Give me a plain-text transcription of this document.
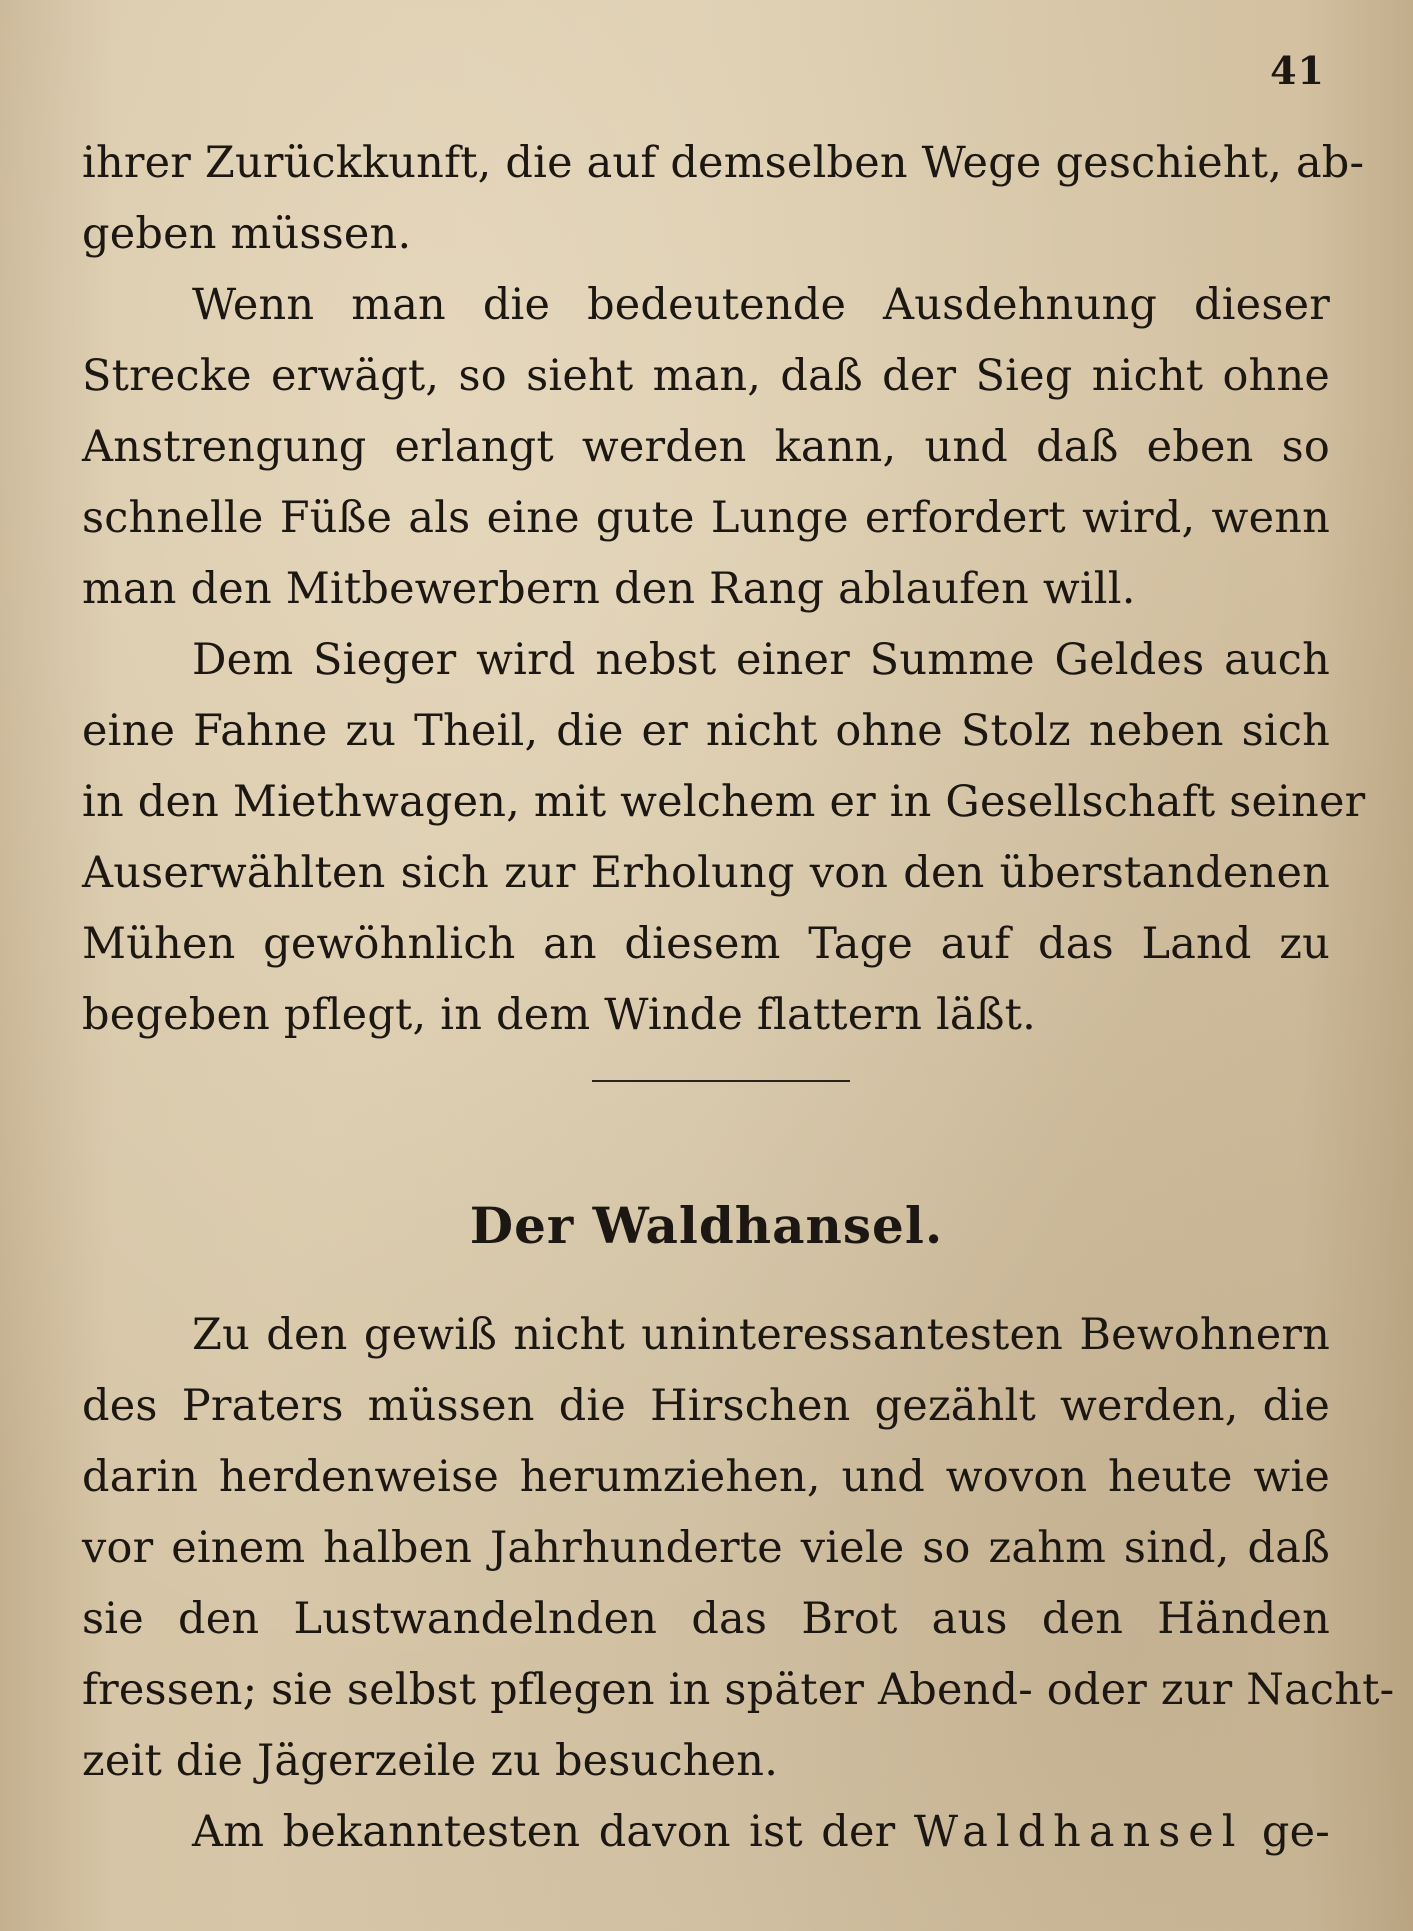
41
ihrer Zurückkunft, die auf demselben Wege geschieht, ab-
geben müssen.
Wenn man die bedeutende Ausdehnung dieser
Strecke erwägt, so sieht man, daß der Sieg nicht ohne
Anstrengung erlangt werden kann, und daß eben so
schnelle Füße als eine gute Lunge erfordert wird, wenn
man den Mitbewerbern den Rang ablaufen will.
Dem Sieger wird nebst einer Summe Geldes auch
eine Fahne zu Theil, die er nicht ohne Stolz neben sich
in den Miethwagen, mit welchem er in Gesellschaft seiner
Auserwählten sich zur Erholung von den überstandenen
Mühen gewöhnlich an diesem Tage auf das Land zu
begeben pflegt, in dem Winde flattern läßt.
Der Waldhansel.
Zu den gewiß nicht uninteressantesten Bewohnern
des Praters müssen die Hirschen gezählt werden, die
darin herdenweise herumziehen, und wovon heute wie
vor einem halben Jahrhunderte viele so zahm sind, daß
sie den Lustwandelnden das Brot aus den Händen
fressen; sie selbst pflegen in später Abend- oder zur Nacht-
zeit die Jägerzeile zu besuchen.
Am bekanntesten davon ist der Waldhansel ge-
